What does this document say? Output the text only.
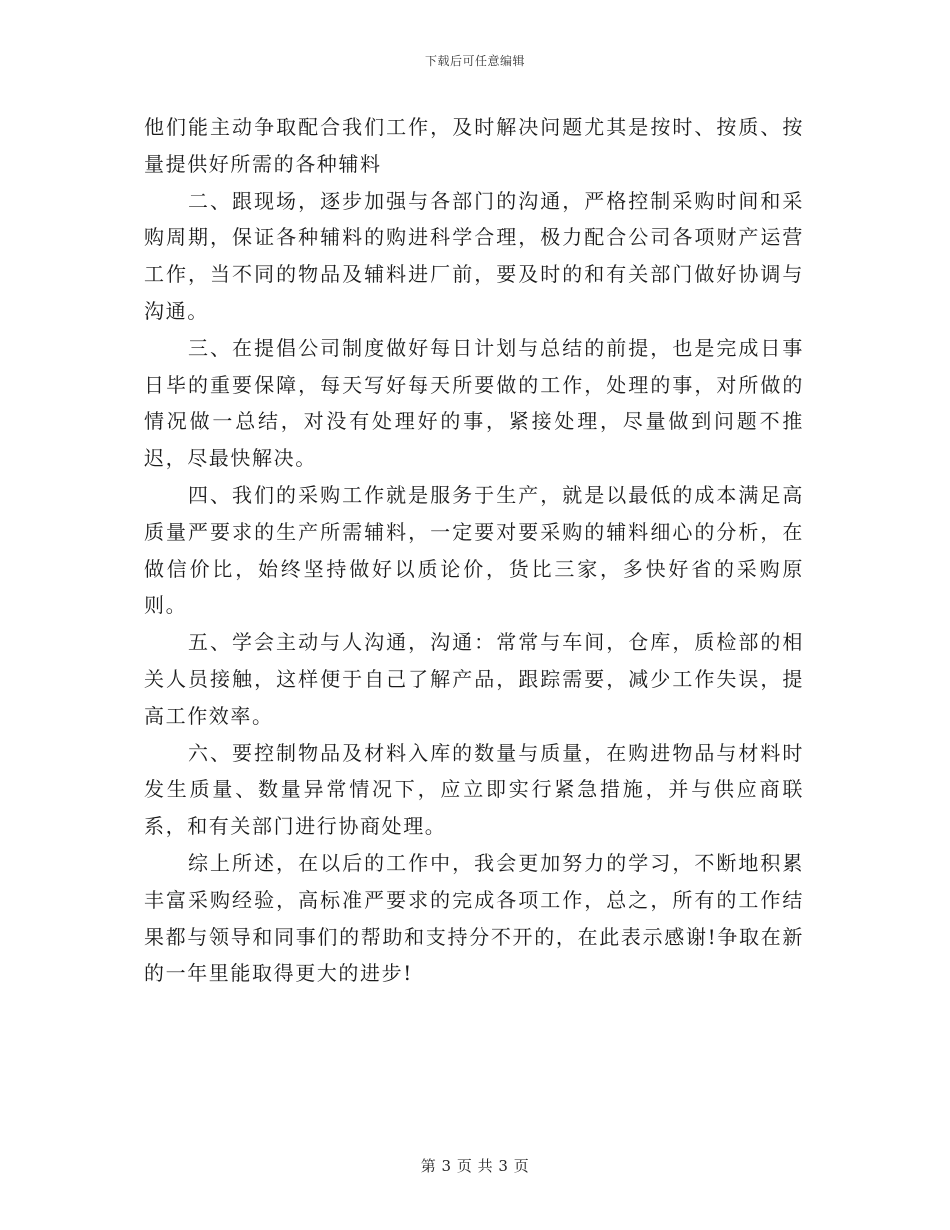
下载后可任意编辑

他们能主动争取配合我们工作，及时解决问题尤其是按时、按质、按量提供好所需的各种辅料

二、跟现场，逐步加强与各部门的沟通，严格控制采购时间和采购周期，保证各种辅料的购进科学合理，极力配合公司各项财产运营工作，当不同的物品及辅料进厂前，要及时的和有关部门做好协调与沟通。

三、在提倡公司制度做好每日计划与总结的前提，也是完成日事日毕的重要保障，每天写好每天所要做的工作，处理的事，对所做的情况做一总结，对没有处理好的事，紧接处理，尽量做到问题不推迟，尽最快解决。

四、我们的采购工作就是服务于生产，就是以最低的成本满足高质量严要求的生产所需辅料，一定要对要采购的辅料细心的分析，在做信价比，始终坚持做好以质论价，货比三家，多快好省的采购原则。

五、学会主动与人沟通，沟通：常常与车间，仓库，质检部的相关人员接触，这样便于自己了解产品，跟踪需要，减少工作失误，提高工作效率。

六、要控制物品及材料入库的数量与质量，在购进物品与材料时发生质量、数量异常情况下，应立即实行紧急措施，并与供应商联系，和有关部门进行协商处理。

综上所述，在以后的工作中，我会更加努力的学习，不断地积累丰富采购经验，高标准严要求的完成各项工作，总之，所有的工作结果都与领导和同事们的帮助和支持分不开的，在此表示感谢!争取在新的一年里能取得更大的进步!

第 3 页 共 3 页
